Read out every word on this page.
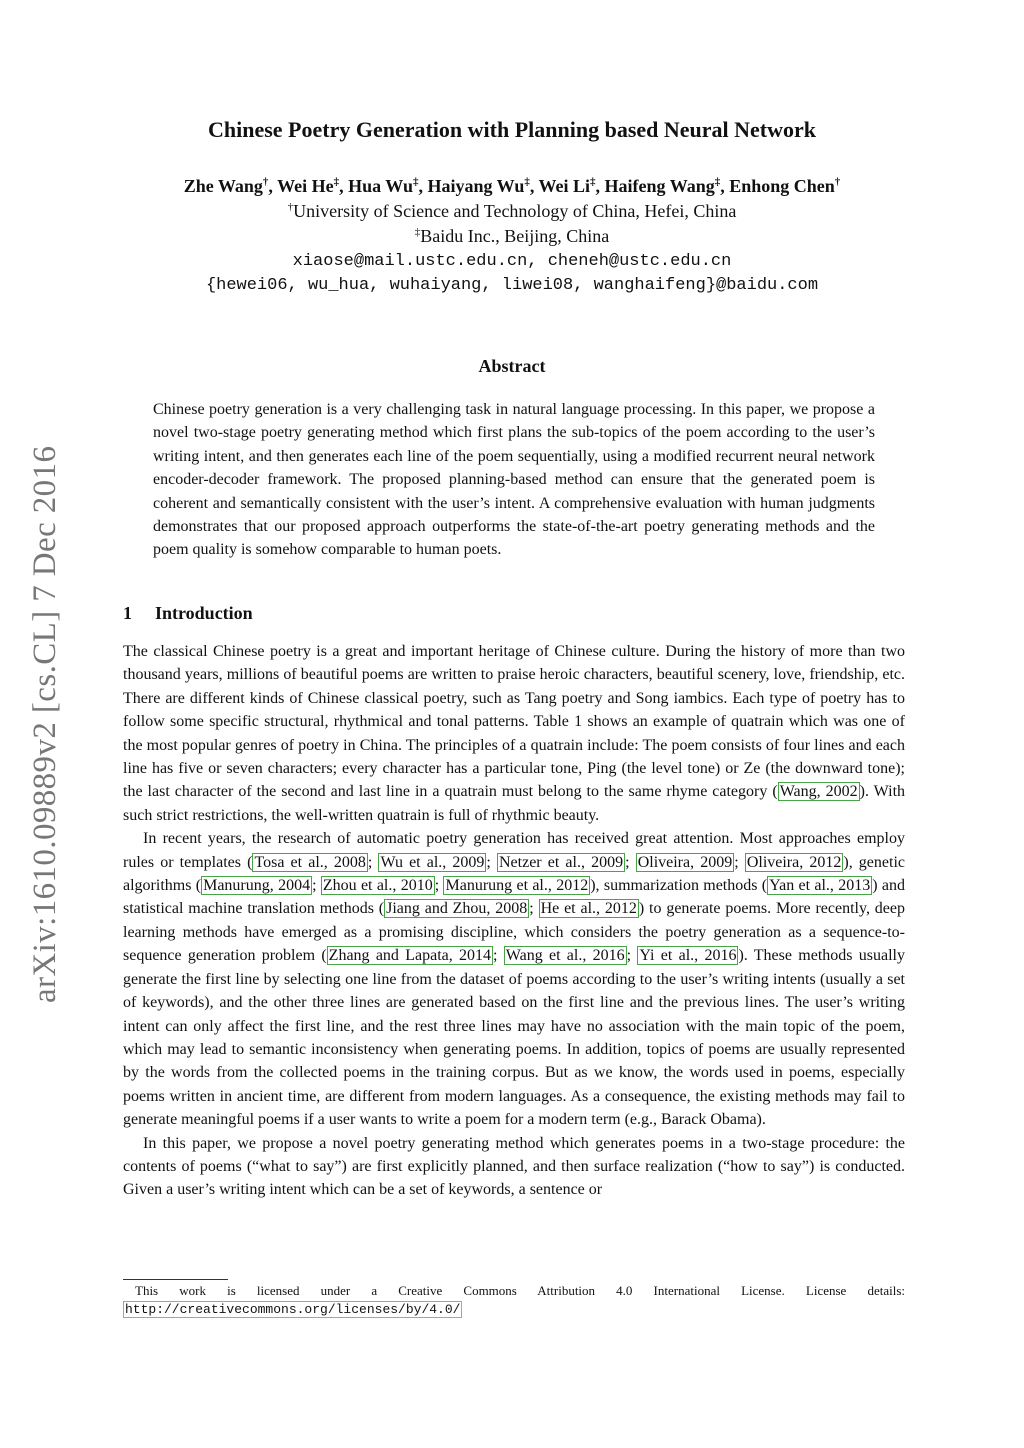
arXiv:1610.09889v2 [cs.CL] 7 Dec 2016
Chinese Poetry Generation with Planning based Neural Network
Zhe Wang†, Wei He‡, Hua Wu‡, Haiyang Wu‡, Wei Li‡, Haifeng Wang‡, Enhong Chen†
†University of Science and Technology of China, Hefei, China
‡Baidu Inc., Beijing, China
xiaose@mail.ustc.edu.cn, cheneh@ustc.edu.cn
{hewei06, wu_hua, wuhaiyang, liwei08, wanghaifeng}@baidu.com
Abstract
Chinese poetry generation is a very challenging task in natural language processing. In this paper, we propose a novel two-stage poetry generating method which first plans the sub-topics of the poem according to the user’s writing intent, and then generates each line of the poem sequentially, using a modified recurrent neural network encoder-decoder framework. The proposed planning-based method can ensure that the generated poem is coherent and semantically consistent with the user’s intent. A comprehensive evaluation with human judgments demonstrates that our proposed approach outperforms the state-of-the-art poetry generating methods and the poem quality is somehow comparable to human poets.
1 Introduction

The classical Chinese poetry is a great and important heritage of Chinese culture. During the history of more than two thousand years, millions of beautiful poems are written to praise heroic characters, beautiful scenery, love, friendship, etc. There are different kinds of Chinese classical poetry, such as Tang poetry and Song iambics. Each type of poetry has to follow some specific structural, rhythmical and tonal patterns. Table 1 shows an example of quatrain which was one of the most popular genres of poetry in China. The principles of a quatrain include: The poem consists of four lines and each line has five or seven characters; every character has a particular tone, Ping (the level tone) or Ze (the downward tone); the last character of the second and last line in a quatrain must belong to the same rhyme category ( Wang, 2002 ). With such strict restrictions, the well-written quatrain is full of rhythmic beauty.

In recent years, the research of automatic poetry generation has received great attention. Most approaches employ rules or templates ( Tosa et al., 2008 ; Wu et al., 2009 ; Netzer et al., 2009 ; Oliveira, 2009 ; Oliveira, 2012 ), genetic algorithms ( Manurung, 2004 ; Zhou et al., 2010 ; Manurung et al., 2012 ), summarization methods ( Yan et al., 2013 ) and statistical machine translation methods ( Jiang and Zhou, 2008 ; He et al., 2012 ) to generate poems. More recently, deep learning methods have emerged as a promising discipline, which considers the poetry generation as a sequence-to-sequence generation problem ( Zhang and Lapata, 2014 ; Wang et al., 2016 ; Yi et al., 2016 ). These methods usually generate the first line by selecting one line from the dataset of poems according to the user’s writing intents (usually a set of keywords), and the other three lines are generated based on the first line and the previous lines. The user’s writing intent can only affect the first line, and the rest three lines may have no association with the main topic of the poem, which may lead to semantic inconsistency when generating poems. In addition, topics of poems are usually represented by the words from the collected poems in the training corpus. But as we know, the words used in poems, especially poems written in ancient time, are different from modern languages. As a consequence, the existing methods may fail to generate meaningful poems if a user wants to write a poem for a modern term (e.g., Barack Obama).

In this paper, we propose a novel poetry generating method which generates poems in a two-stage procedure: the contents of poems (“what to say”) are first explicitly planned, and then surface realization (“how to say”) is conducted. Given a user’s writing intent which can be a set of keywords, a sentence or

This work is licensed under a Creative Commons Attribution 4.0 International License. License details: http://creativecommons.org/licenses/by/4.0/
